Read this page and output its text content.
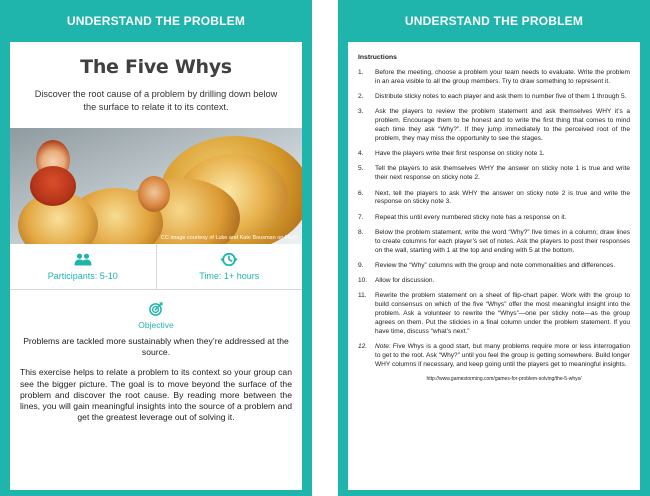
UNDERSTAND THE PROBLEM
The Five Whys

Discover the root cause of a problem by drilling down below the surface to relate it to its context.

CC image courtesy of Luke and Kate Bousman on Flickr
Participants: 5-10	Time: 1+ hours
Objective

Problems are tackled more sustainably when they’re addressed at the source.

This exercise helps to relate a problem to its context so your group can see the bigger picture. The goal is to move beyond the surface of the problem and discover the root cause. By reading more between the lines, you will gain meaningful insights into the source of a problem and get the greatest leverage out of solving it.

UNDERSTAND THE PROBLEM
Instructions
1.	Before the meeting, choose a problem your team needs to evaluate. Write the problem in an area visible to all the group members. Try to draw something to represent it.
2.	Distribute sticky notes to each player and ask them to number five of them 1 through 5.
3.	Ask the players to review the problem statement and ask themselves WHY it’s a problem. Encourage them to be honest and to write the first thing that comes to mind each time they ask “Why?”. If they jump immediately to the perceived root of the problem, they may miss the opportunity to see the stages.
4.	Have the players write their first response on sticky note 1.
5.	Tell the players to ask themselves WHY the answer on sticky note 1 is true and write their next response on sticky note 2.
6.	Next, tell the players to ask WHY the answer on sticky note 2 is true and write the response on sticky note 3.
7.	Repeat this until every numbered sticky note has a response on it.
8.	Below the problem statement, write the word “Why?” five times in a column; draw lines to create columns for each player’s set of notes. Ask the players to post their responses on the wall, starting with 1 at the top and ending with 5 at the bottom.
9.	Review the “Why” columns with the group and note commonalities and differences.
10.	Allow for discussion.
11.	Rewrite the problem statement on a sheet of flip-chart paper. Work with the group to build consensus on which of the five “Whys” offer the most meaningful insight into the problem. Ask a volunteer to rewrite the “Whys”—one per sticky note—as the group agrees on them. Put the stickies in a final column under the problem statement. If you have time, discuss “what’s next.”
12.	Note: Five Whys is a good start, but many problems require more or less interrogation to get to the root. Ask “Why?” until you feel the group is getting somewhere. Build longer WHY columns if necessary, and keep going until the players get to meaningful insights.
http://www.gamestorming.com/games-for-problem-solving/the-5-whys/
